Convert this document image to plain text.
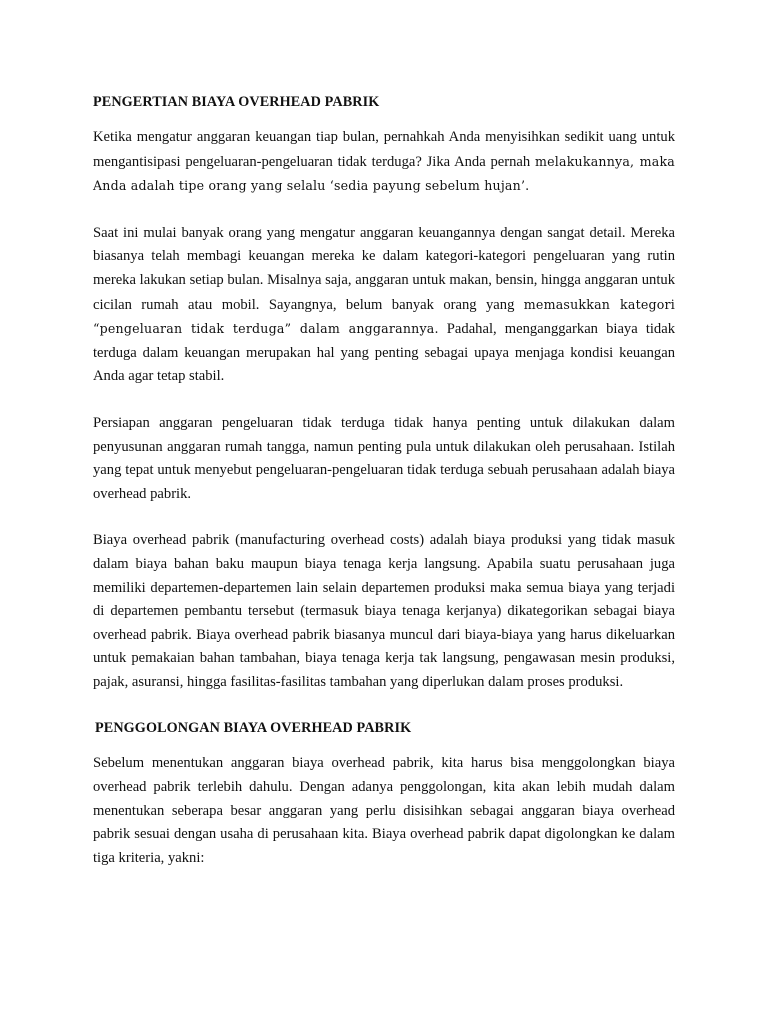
PENGERTIAN BIAYA OVERHEAD PABRIK

Ketika mengatur anggaran keuangan tiap bulan, pernahkah Anda menyisihkan sedikit uang untuk mengantisipasi pengeluaran-pengeluaran tidak terduga? Jika Anda pernah melakukannya, maka Anda adalah tipe orang yang selalu ‘sedia payung sebelum hujan’.

Saat ini mulai banyak orang yang mengatur anggaran keuangannya dengan sangat detail. Mereka biasanya telah membagi keuangan mereka ke dalam kategori-kategori pengeluaran yang rutin mereka lakukan setiap bulan. Misalnya saja, anggaran untuk makan, bensin, hingga anggaran untuk cicilan rumah atau mobil. Sayangnya, belum banyak orang yang memasukkan kategori “pengeluaran tidak terduga” dalam anggarannya. Padahal, menganggarkan biaya tidak terduga dalam keuangan merupakan hal yang penting sebagai upaya menjaga kondisi keuangan Anda agar tetap stabil.

Persiapan anggaran pengeluaran tidak terduga tidak hanya penting untuk dilakukan dalam penyusunan anggaran rumah tangga, namun penting pula untuk dilakukan oleh perusahaan. Istilah yang tepat untuk menyebut pengeluaran-pengeluaran tidak terduga sebuah perusahaan adalah biaya overhead pabrik.

Biaya overhead pabrik (manufacturing overhead costs) adalah biaya produksi yang tidak masuk dalam biaya bahan baku maupun biaya tenaga kerja langsung. Apabila suatu perusahaan juga memiliki departemen-departemen lain selain departemen produksi maka semua biaya yang terjadi di departemen pembantu tersebut (termasuk biaya tenaga kerjanya) dikategorikan sebagai biaya overhead pabrik. Biaya overhead pabrik biasanya muncul dari biaya-biaya yang harus dikeluarkan untuk pemakaian bahan tambahan, biaya tenaga kerja tak langsung, pengawasan mesin produksi, pajak, asuransi, hingga fasilitas-fasilitas tambahan yang diperlukan dalam proses produksi.

PENGGOLONGAN BIAYA OVERHEAD PABRIK

Sebelum menentukan anggaran biaya overhead pabrik, kita harus bisa menggolongkan biaya overhead pabrik terlebih dahulu. Dengan adanya penggolongan, kita akan lebih mudah dalam menentukan seberapa besar anggaran yang perlu disisihkan sebagai anggaran biaya overhead pabrik sesuai dengan usaha di perusahaan kita. Biaya overhead pabrik dapat digolongkan ke dalam tiga kriteria, yakni:
